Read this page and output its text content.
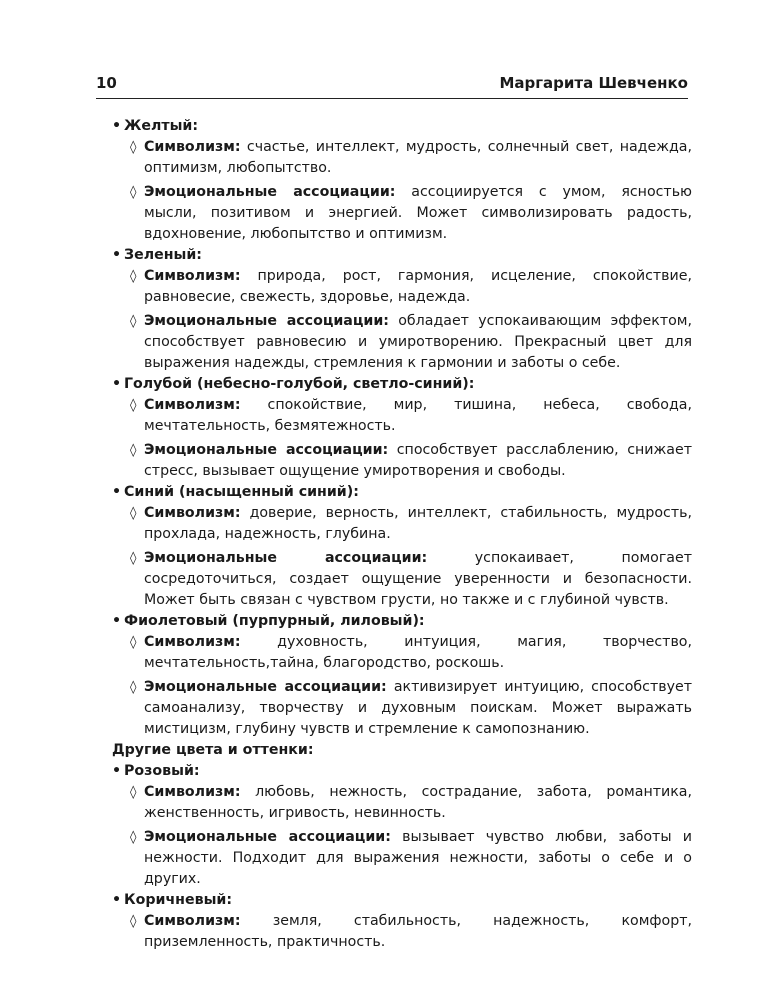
10	Маргарита Шевченко

• Желтый:

◊ Символизм: счастье, интеллект, мудрость, солнечный свет, надежда, оптимизм, любопытство.

◊ Эмоциональные ассоциации: ассоциируется с умом, ясностью мысли, позитивом и энергией. Может символизировать радость, вдохновение, любопытство и оптимизм.

• Зеленый:

◊ Символизм: природа, рост, гармония, исцеление, спокойствие, равновесие, свежесть, здоровье, надежда.

◊ Эмоциональные ассоциации: обладает успокаивающим эффектом, способствует равновесию и умиротворению. Прекрасный цвет для выражения надежды, стремления к гармонии и заботы о себе.

• Голубой (небесно-голубой, светло-синий):

◊ Символизм: спокойствие, мир, тишина, небеса, свобода, мечтательность, безмятежность.

◊ Эмоциональные ассоциации: способствует расслаблению, снижает стресс, вызывает ощущение умиротворения и свободы.

• Синий (насыщенный синий):

◊ Символизм: доверие, верность, интеллект, стабильность, мудрость, прохлада, надежность, глубина.

◊ Эмоциональные ассоциации:	успокаивает, помогает сосредоточиться, создает ощущение уверенности и безопасности. Может быть связан с чувством грусти, но также и с глубиной чувств.

• Фиолетовый (пурпурный, лиловый):

◊ Символизм:	духовность, интуиция, магия, творчество, мечтательность,тайна, благородство, роскошь.

◊ Эмоциональные ассоциации: активизирует интуицию, способствует самоанализу, творчеству и духовным поискам. Может выражать мистицизм, глубину чувств и стремление к самопознанию.

Другие цвета и оттенки:

• Розовый:

◊ Символизм: любовь, нежность, сострадание, забота, романтика, женственность, игривость, невинность.

◊ Эмоциональные ассоциации: вызывает чувство любви, заботы и нежности. Подходит для выражения нежности, заботы о себе и о других.

• Коричневый:

◊ Символизм: земля, стабильность, надежность, комфорт, приземленность, практичность.
